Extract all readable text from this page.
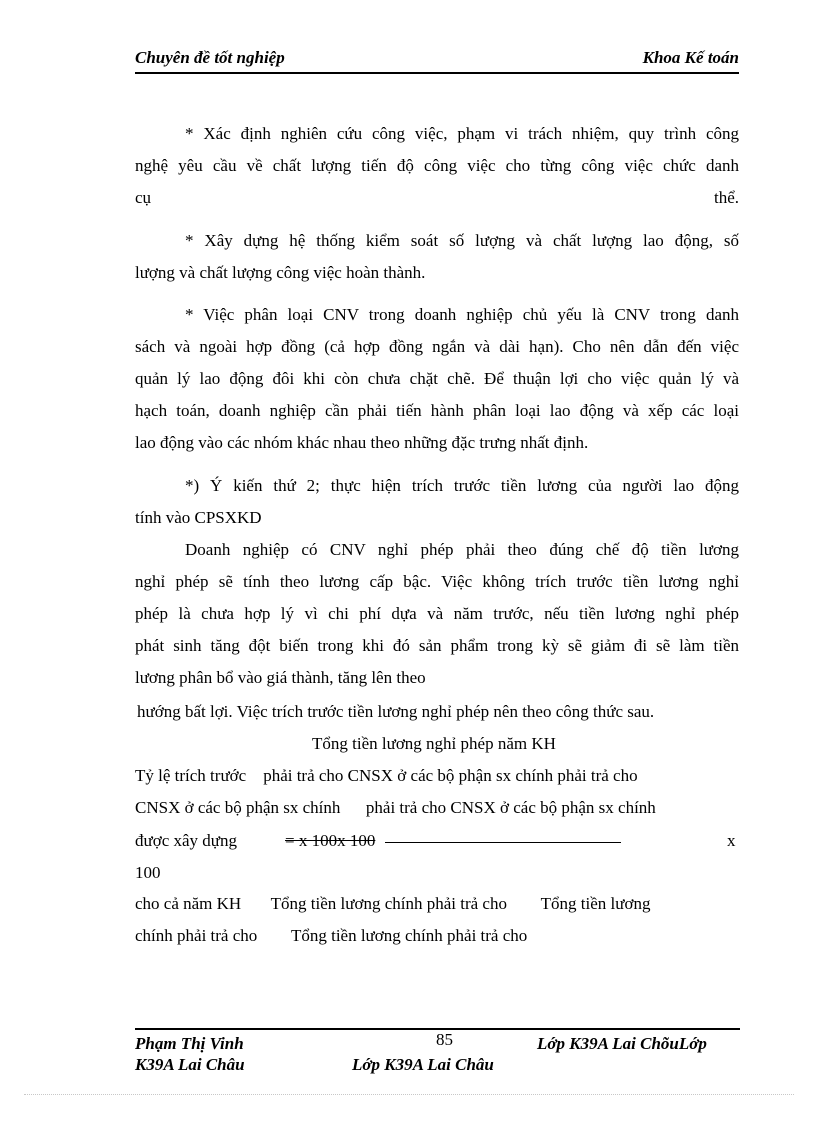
Chuyên đề tốt nghiệp	Khoa Kế toán
* Xác định nghiên cứu công việc, phạm vi trách nhiệm, quy trình công
nghệ yêu cầu về chất lượng tiến độ công việc cho từng công việc chức danh
cụ	thể.
* Xây dựng hệ thống kiểm soát số lượng và chất lượng lao động, số
lượng và chất lượng công việc hoàn thành.
* Việc phân loại CNV trong doanh nghiệp chủ yếu là CNV trong danh
sách và ngoài hợp đồng (cả hợp đồng ngắn và dài hạn). Cho nên dẫn đến việc
quản lý lao động đôi khi còn chưa chặt chẽ. Để thuận lợi cho việc quản lý và
hạch toán, doanh nghiệp cần phải tiến hành phân loại lao động và xếp các loại
lao động vào các nhóm khác nhau theo những đặc trưng nhất định.
*) Ý kiến thứ 2; thực hiện trích trước tiền lương của người lao động
tính vào CPSXKD
Doanh nghiệp có CNV nghỉ phép phải theo đúng chế độ tiền lương
nghỉ phép sẽ tính theo lương cấp bậc. Việc không trích trước tiền lương nghỉ
phép là chưa hợp lý vì chi phí dựa và năm trước, nếu tiền lương nghỉ phép
phát sinh tăng đột biến trong khi đó sản phẩm trong kỳ sẽ giảm đi sẽ làm tiền
lương phân bổ vào giá thành, tăng lên theo
hướng bất lợi. Việc trích trước tiền lương nghỉ phép nên theo công thức sau.
Tổng tiền lương nghỉ phép năm KH
Tỷ lệ trích trước    phải trả cho CNSX ở các bộ phận sx chính phải trả cho
CNSX ở các bộ phận sx chính      phải trả cho CNSX ở các bộ phận sx chính
được xây dựng	= x 100x 100	x
100
cho cả năm KH       Tổng tiền lương chính phải trả cho        Tổng tiền lương
chính phải trả cho        Tổng tiền lương chính phải trả cho
85
Phạm Thị Vinh	Lớp K39A Lai ChõuLớp
K39A Lai Châu	Lớp K39A Lai Châu
